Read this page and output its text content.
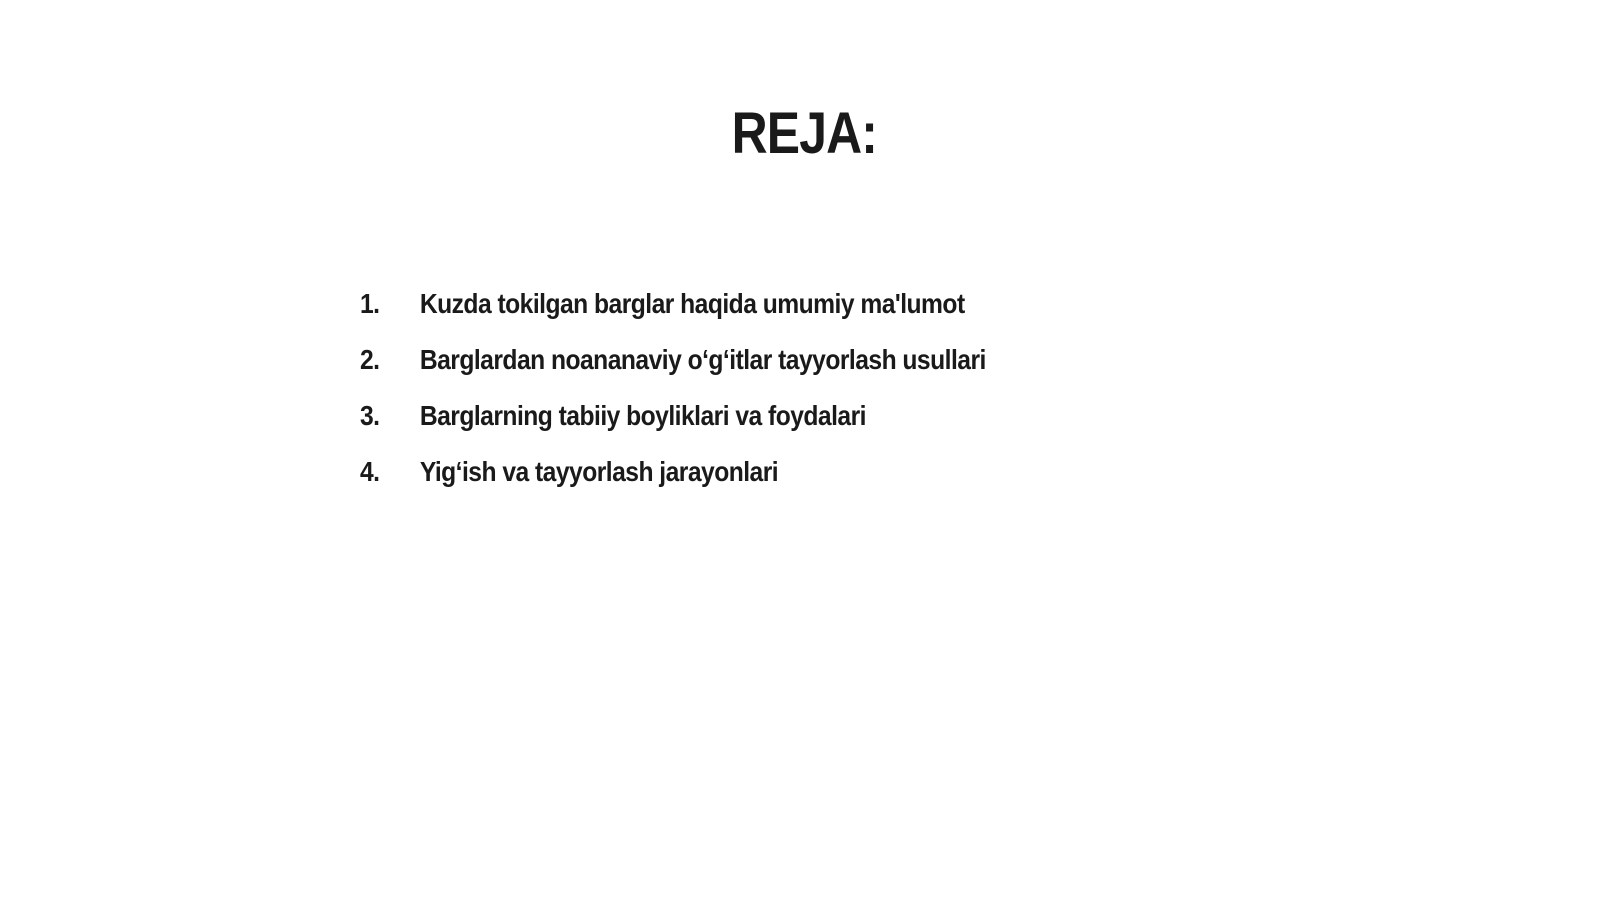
REJA:
1.	Kuzda tokilgan barglar haqida umumiy ma'lumot
2.	Barglardan noananaviy o‘g‘itlar tayyorlash usullari
3.	Barglarning tabiiy boyliklari va foydalari
4.	Yig‘ish va tayyorlash jarayonlari
